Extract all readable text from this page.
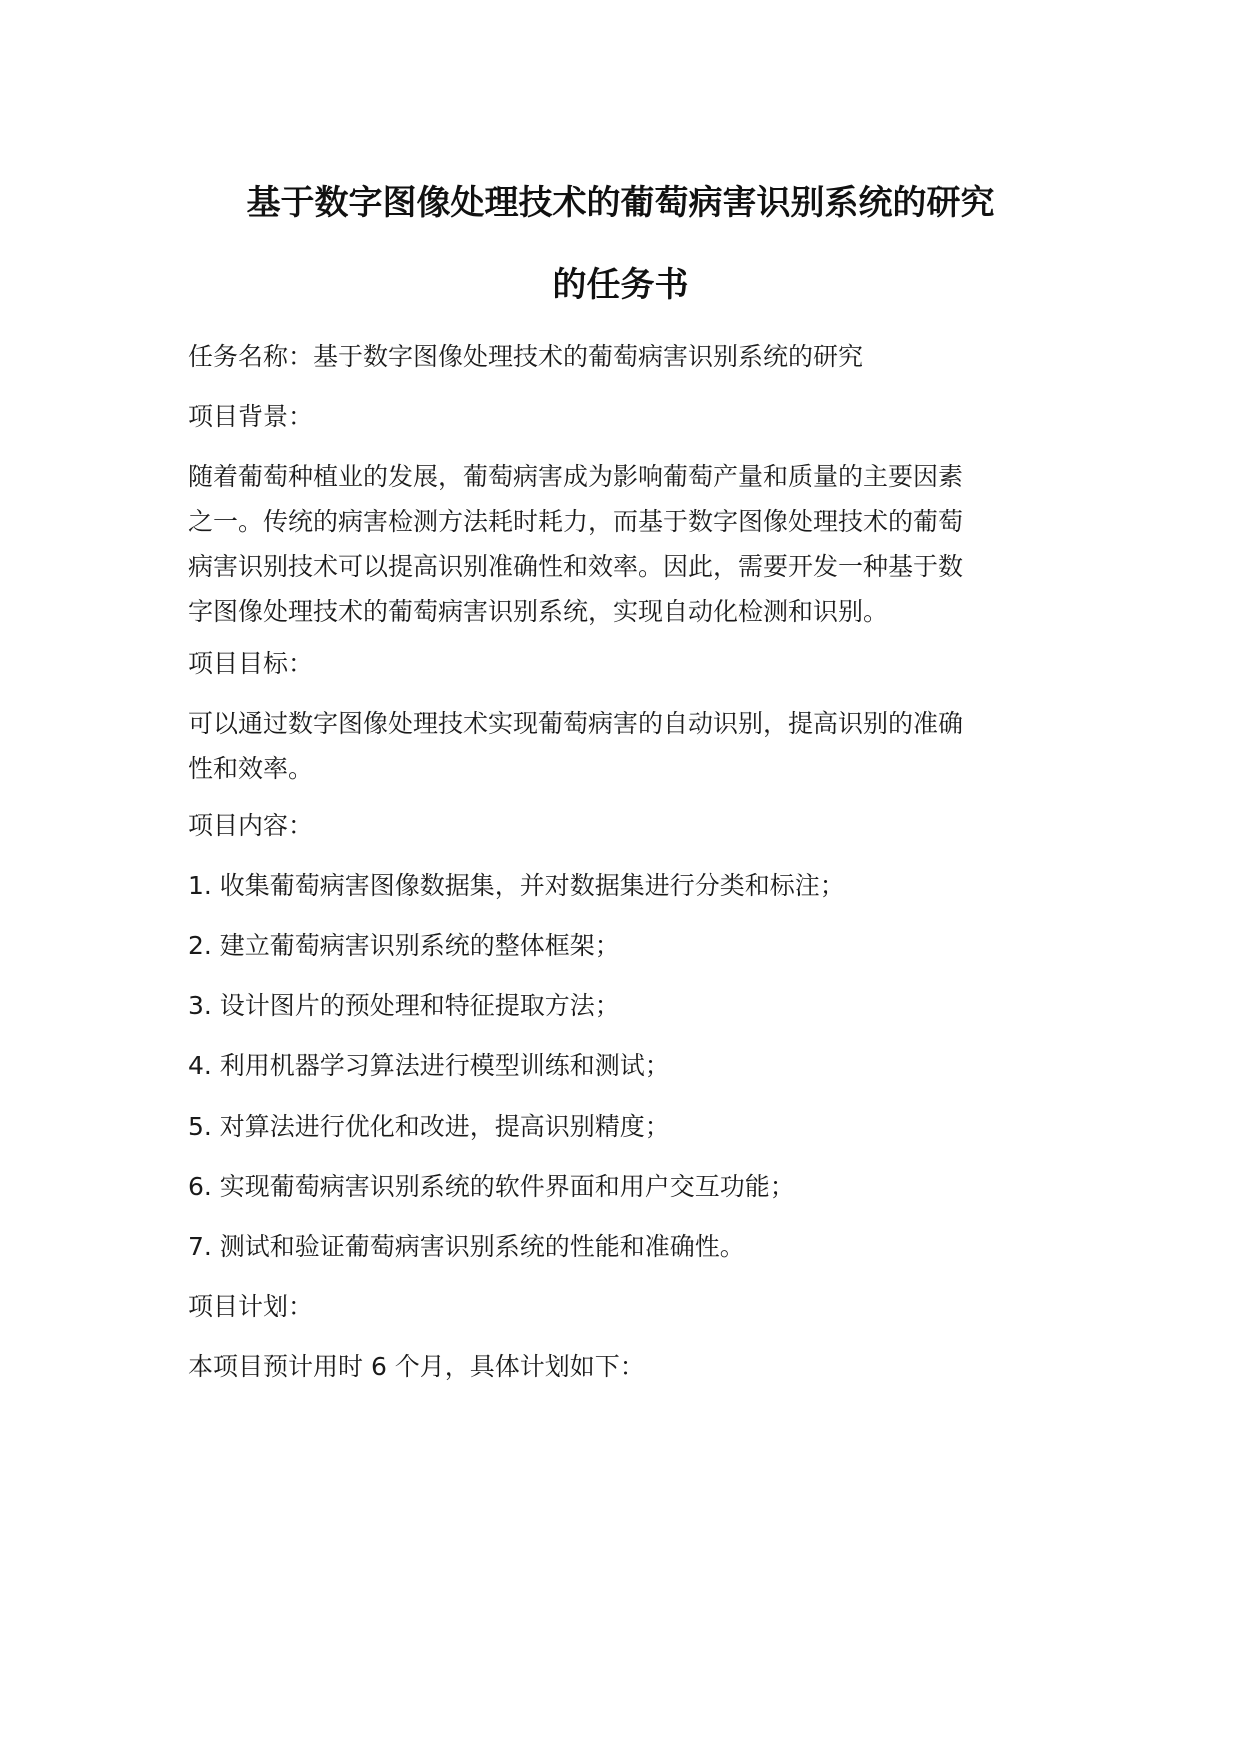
基于数字图像处理技术的葡萄病害识别系统的研究
的任务书
任务名称：基于数字图像处理技术的葡萄病害识别系统的研究
项目背景：
随着葡萄种植业的发展，葡萄病害成为影响葡萄产量和质量的主要因素
之一。传统的病害检测方法耗时耗力，而基于数字图像处理技术的葡萄
病害识别技术可以提高识别准确性和效率。因此，需要开发一种基于数
字图像处理技术的葡萄病害识别系统，实现自动化检测和识别。
项目目标：
可以通过数字图像处理技术实现葡萄病害的自动识别，提高识别的准确
性和效率。
项目内容：
1. 收集葡萄病害图像数据集，并对数据集进行分类和标注；
2. 建立葡萄病害识别系统的整体框架；
3. 设计图片的预处理和特征提取方法；
4. 利用机器学习算法进行模型训练和测试；
5. 对算法进行优化和改进，提高识别精度；
6. 实现葡萄病害识别系统的软件界面和用户交互功能；
7. 测试和验证葡萄病害识别系统的性能和准确性。
项目计划：
本项目预计用时 6 个月，具体计划如下：
